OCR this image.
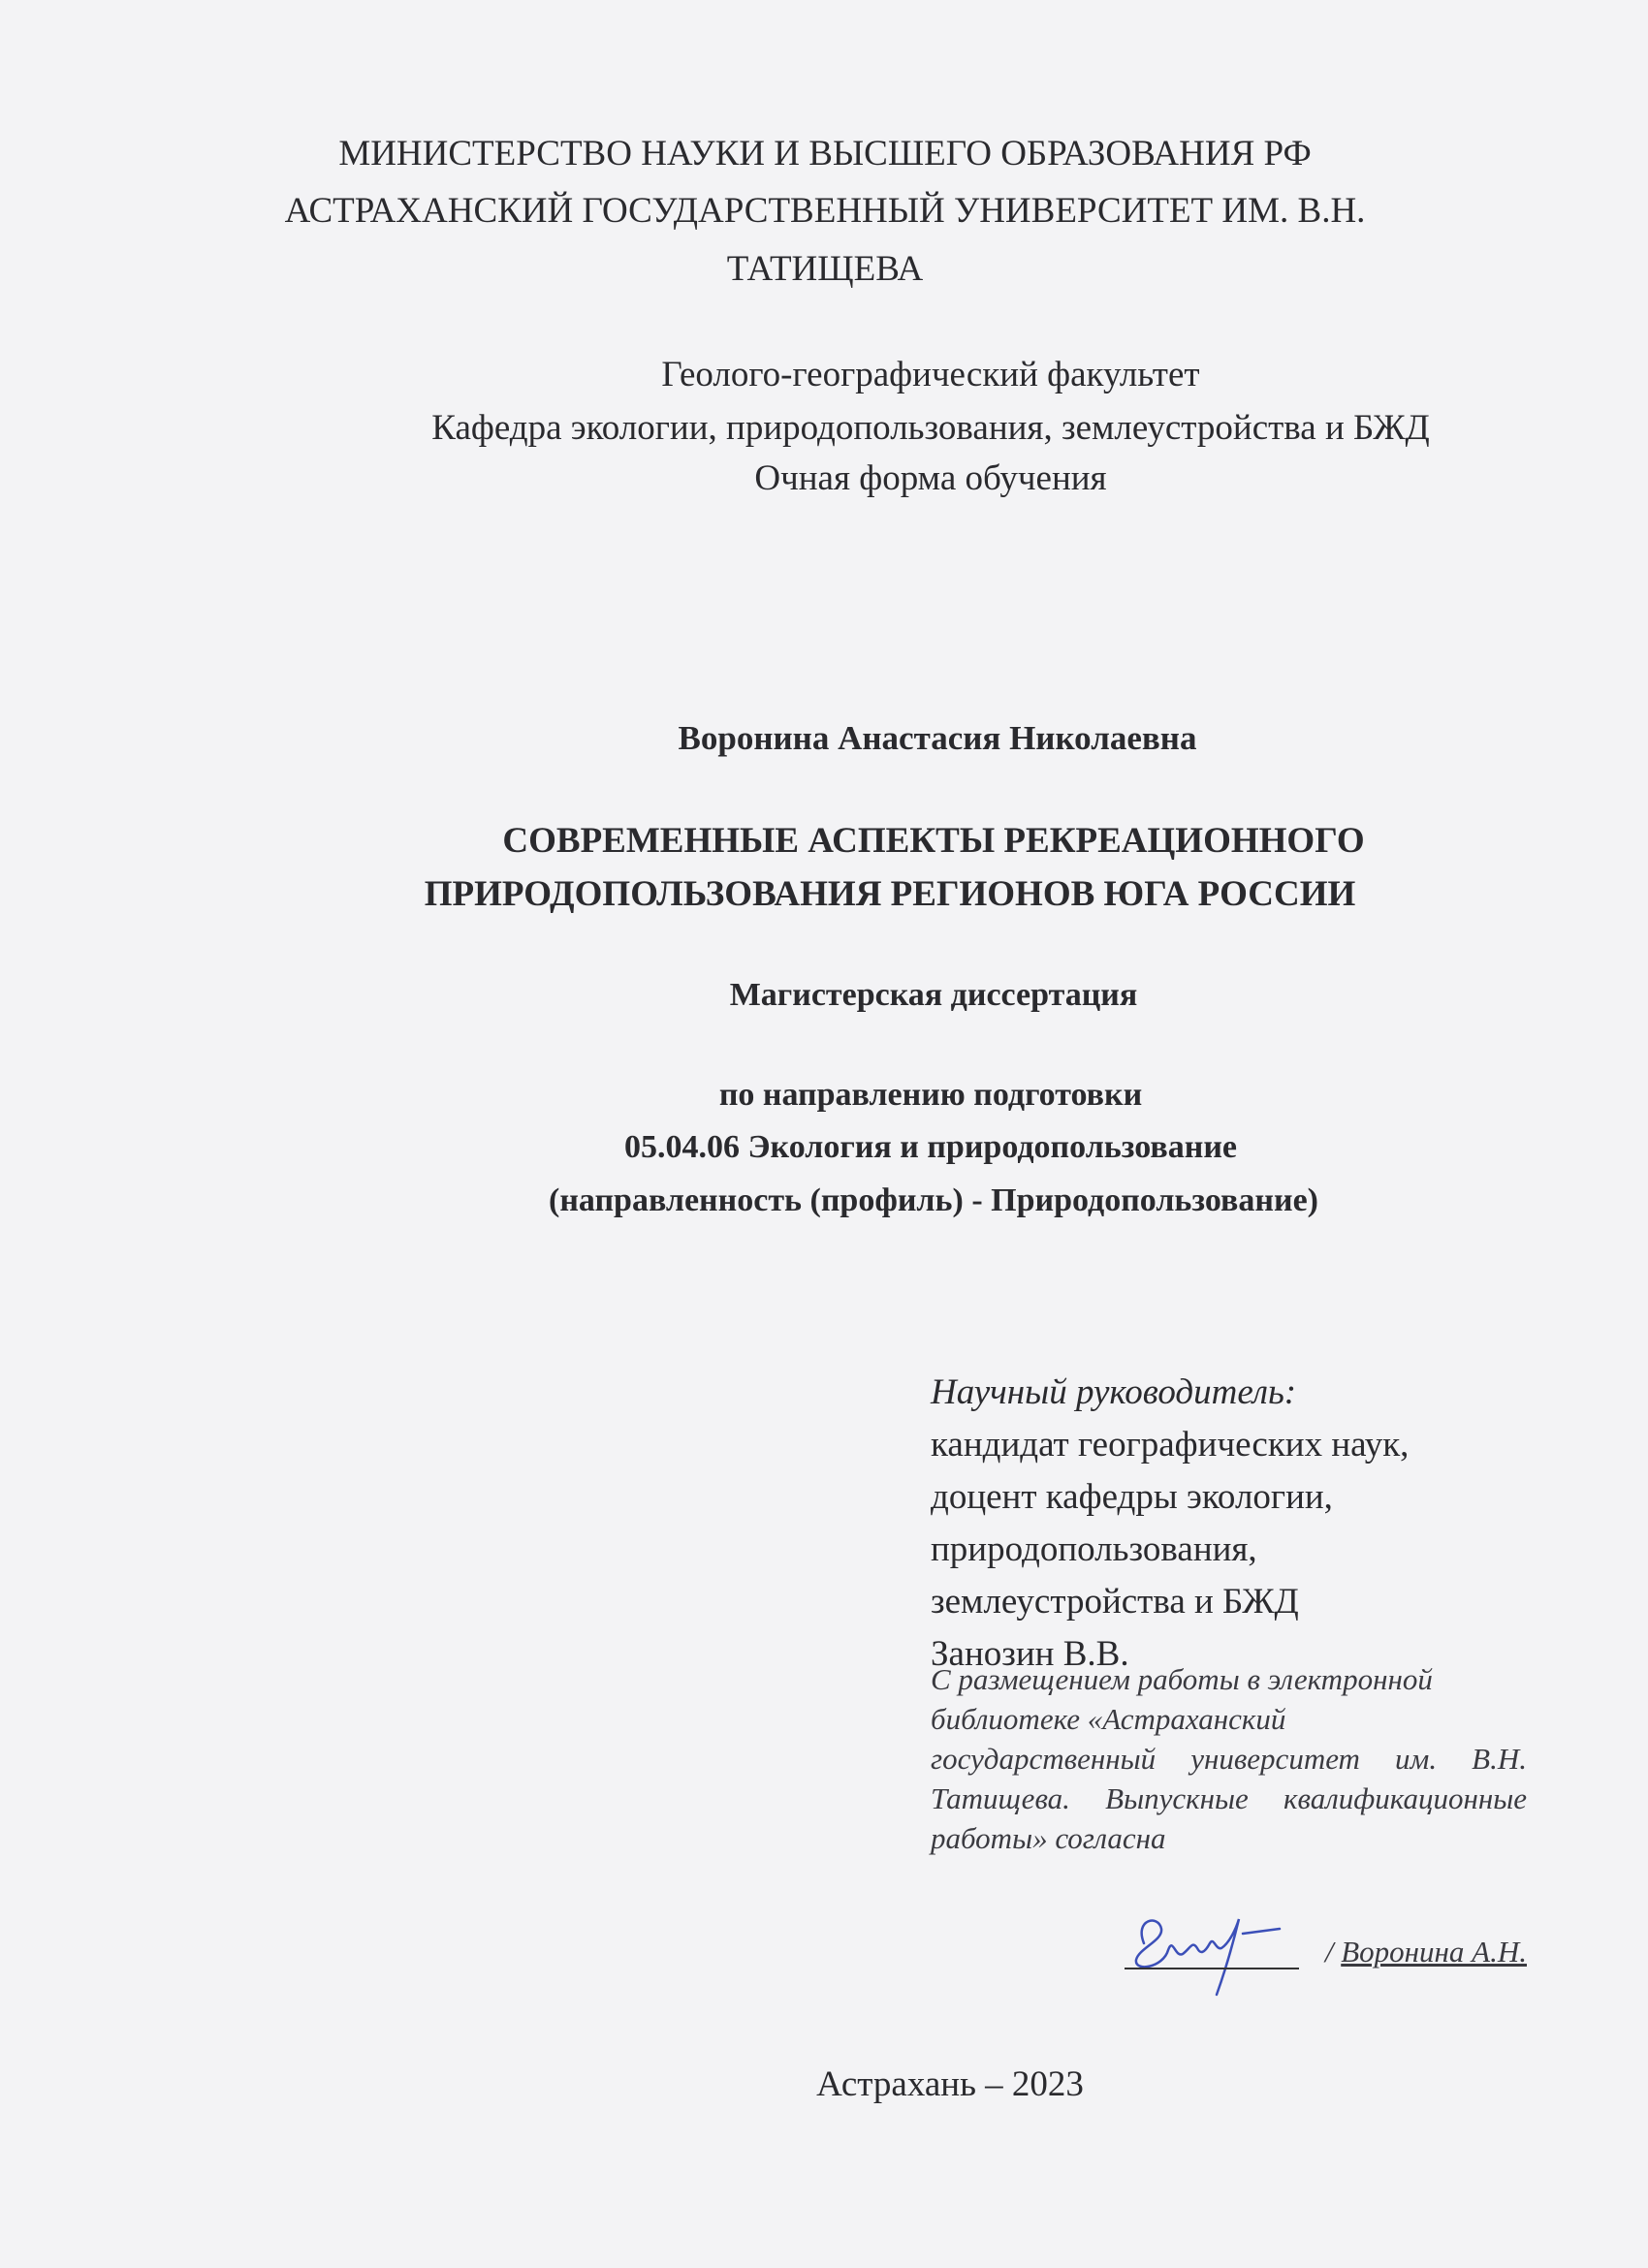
МИНИСТЕРСТВО НАУКИ И ВЫСШЕГО ОБРАЗОВАНИЯ РФ
АСТРАХАНСКИЙ ГОСУДАРСТВЕННЫЙ УНИВЕРСИТЕТ ИМ. В.Н.
ТАТИЩЕВА
Геолого-географический факультет
Кафедра экологии, природопользования, землеустройства и БЖД
Очная форма обучения
Воронина Анастасия Николаевна
СОВРЕМЕННЫЕ АСПЕКТЫ РЕКРЕАЦИОННОГО
ПРИРОДОПОЛЬЗОВАНИЯ РЕГИОНОВ ЮГА РОССИИ
Магистерская диссертация
по направлению подготовки
05.04.06 Экология и природопользование
(направленность (профиль) - Природопользование)
Научный руководитель:
кандидат географических наук,
доцент кафедры экологии,
природопользования,
землеустройства и БЖД
Занозин В.В.
С размещением работы в электронной
библиотеке «Астраханский
государственный университет им. В.Н.
Татищева. Выпускные квалификационные
работы» согласна
/ Воронина А.Н.
Астрахань – 2023
